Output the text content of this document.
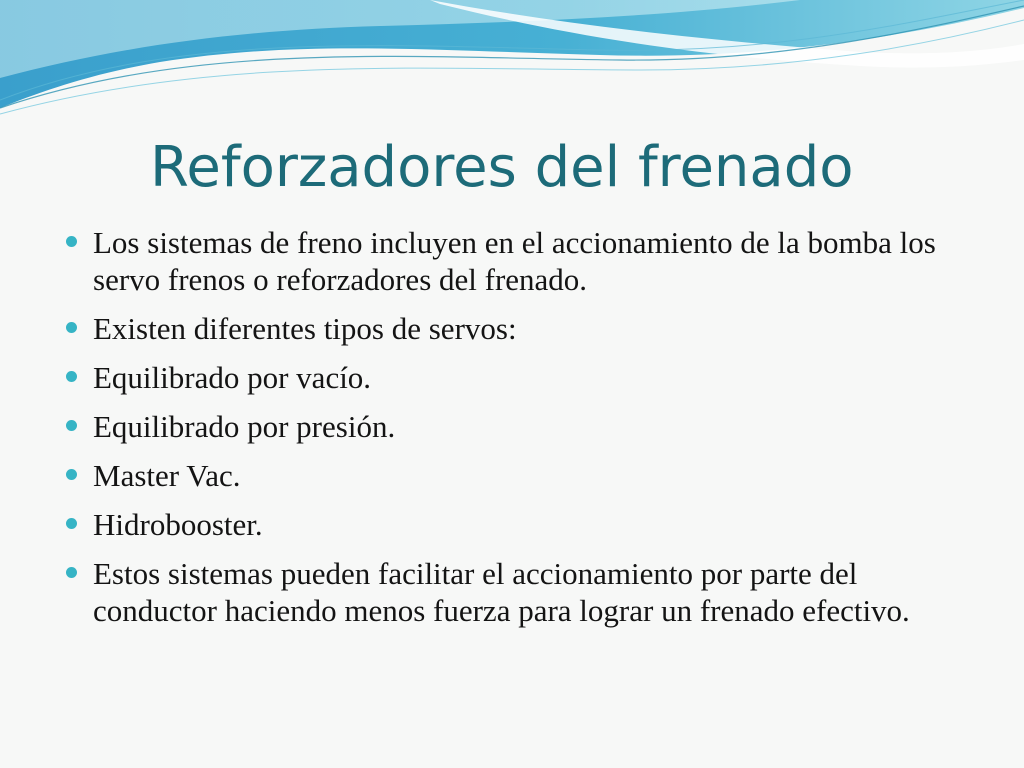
Reforzadores del frenado
Los sistemas de freno incluyen en el accionamiento de la bomba los servo frenos o reforzadores del frenado.
Existen diferentes tipos de servos:
Equilibrado por vacío.
Equilibrado por presión.
Master Vac.
Hidrobooster.
Estos sistemas pueden facilitar el accionamiento por parte del conductor haciendo menos fuerza para lograr un frenado efectivo.
